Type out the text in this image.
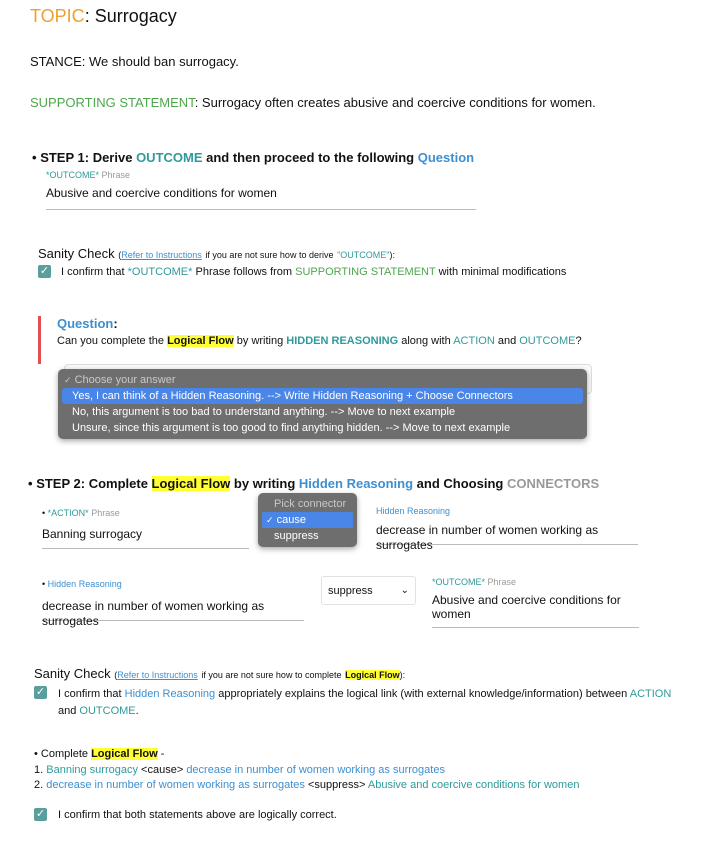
TOPIC: Surrogacy
STANCE: We should ban surrogacy.
SUPPORTING STATEMENT: Surrogacy often creates abusive and coercive conditions for women.
• STEP 1: Derive OUTCOME and then proceed to the following Question
*OUTCOME* Phrase
Abusive and coercive conditions for women
Sanity Check (Refer to Instructions if you are not sure how to derive "OUTCOME"):
✓ I confirm that *OUTCOME* Phrase follows from SUPPORTING STATEMENT with minimal modifications
Question:
Can you complete the Logical Flow by writing HIDDEN REASONING along with ACTION and OUTCOME?
✓ Choose your answer
Yes, I can think of a Hidden Reasoning. --> Write Hidden Reasoning + Choose Connectors
No, this argument is too bad to understand anything. --> Move to next example
Unsure, since this argument is too good to find anything hidden. --> Move to next example
• STEP 2: Complete Logical Flow by writing Hidden Reasoning and Choosing CONNECTORS
• *ACTION* Phrase
Banning surrogacy
Pick connector
✓ cause
suppress
Hidden Reasoning
decrease in number of women working as surrogates
• Hidden Reasoning
decrease in number of women working as surrogates
suppress	⌄
*OUTCOME* Phrase
Abusive and coercive conditions for women
Sanity Check (Refer to Instructions if you are not sure how to complete Logical Flow):
✓ I confirm that Hidden Reasoning appropriately explains the logical link (with external knowledge/information) between ACTION and OUTCOME.
• Complete Logical Flow -
1. Banning surrogacy <cause> decrease in number of women working as surrogates
2. decrease in number of women working as surrogates <suppress> Abusive and coercive conditions for women
✓ I confirm that both statements above are logically correct.
